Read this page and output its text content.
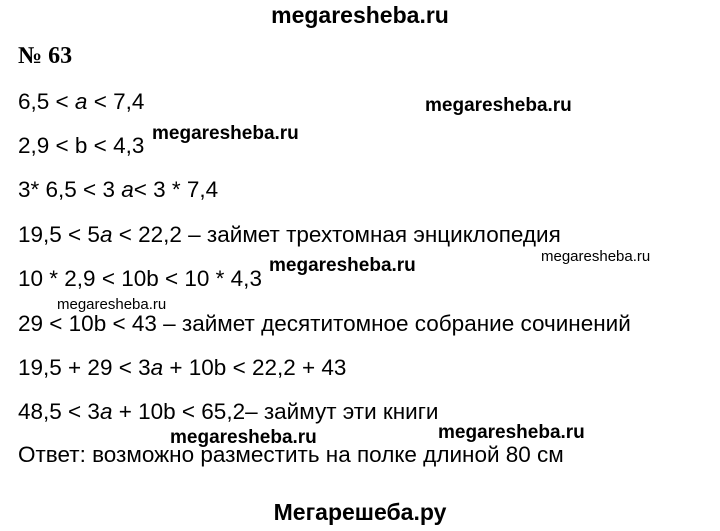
megaresheba.ru
№ 63
6,5 < a < 7,4
2,9 < b < 4,3
3* 6,5 < 3 a< 3 * 7,4
19,5 < 5a < 22,2 – займет трехтомная энциклопедия
10 * 2,9 < 10b < 10 * 4,3
29 < 10b < 43 – займет десятитомное собрание сочинений
19,5 + 29 < 3a + 10b < 22,2 + 43
48,5 < 3a + 10b < 65,2– займут эти книги
Ответ: возможно разместить на полке длиной 80 см
megaresheba.ru
megaresheba.ru
megaresheba.ru	megaresheba.ru
megaresheba.ru
megaresheba.ru	megaresheba.ru
Мегарешеба.ру
